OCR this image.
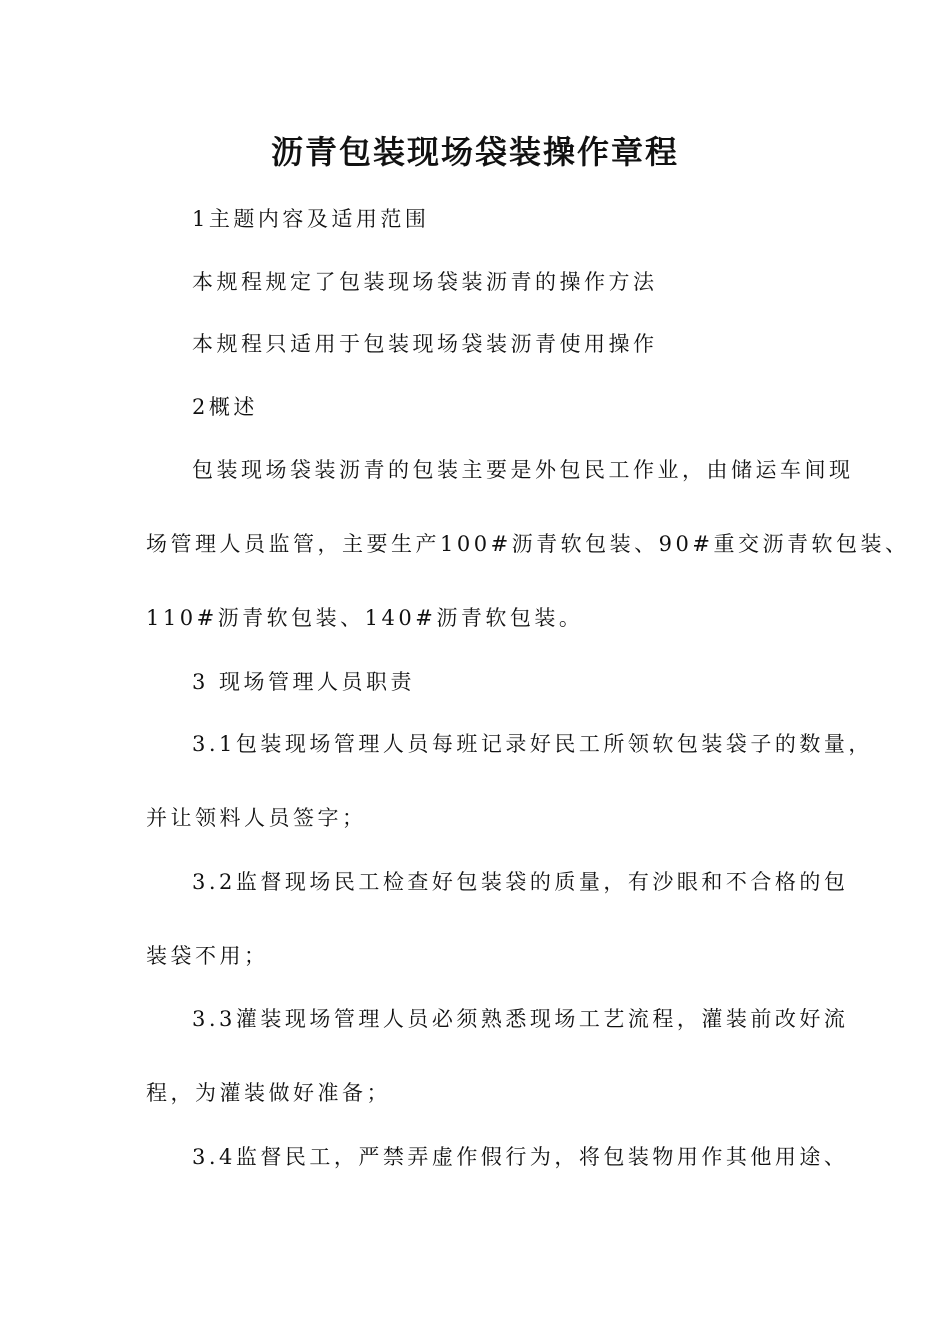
沥青包装现场袋装操作章程
1主题内容及适用范围
本规程规定了包装现场袋装沥青的操作方法
本规程只适用于包装现场袋装沥青使用操作
2概述
包装现场袋装沥青的包装主要是外包民工作业，由储运车间现
场管理人员监管，主要生产100#沥青软包装、90#重交沥青软包装、
110#沥青软包装、140#沥青软包装。
3 现场管理人员职责
3.1包装现场管理人员每班记录好民工所领软包装袋子的数量，
并让领料人员签字；
3.2监督现场民工检查好包装袋的质量，有沙眼和不合格的包
装袋不用；
3.3灌装现场管理人员必须熟悉现场工艺流程，灌装前改好流
程，为灌装做好准备；
3.4监督民工，严禁弄虚作假行为，将包装物用作其他用途、
